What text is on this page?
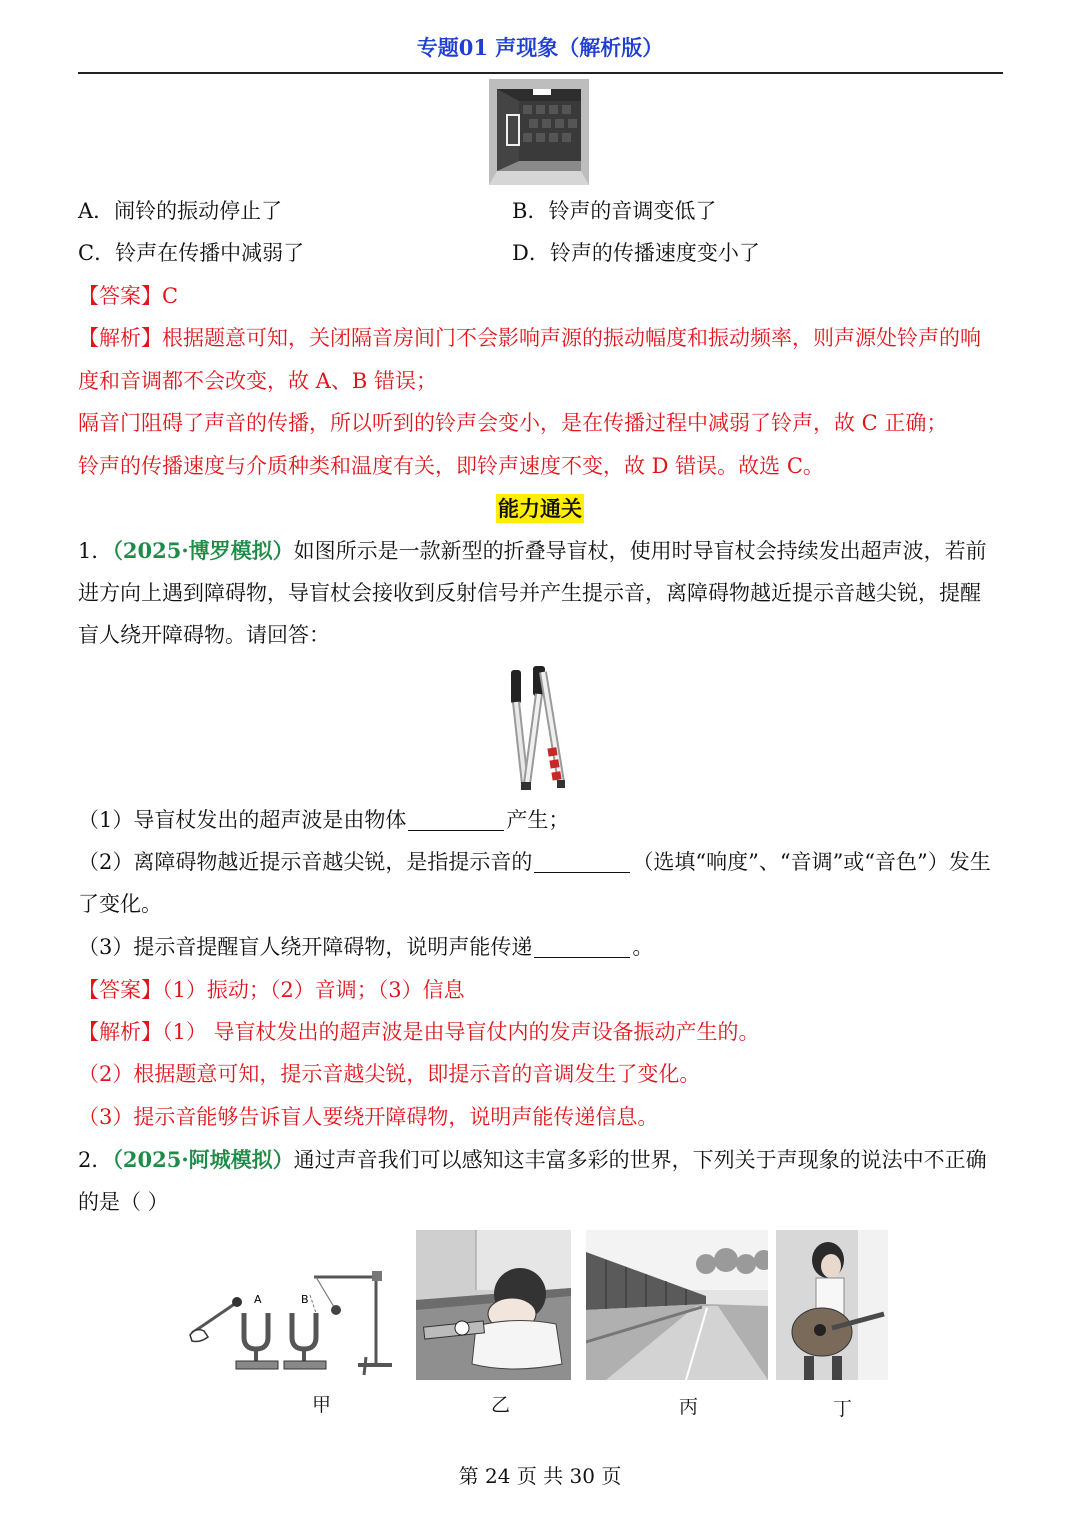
专题01 声现象（解析版）
A．闹铃的振动停止了	B．铃声的音调变低了
C．铃声在传播中减弱了	D．铃声的传播速度变小了
【答案】C
【解析】根据题意可知，关闭隔音房间门不会影响声源的振动幅度和振动频率，则声源处铃声的响
度和音调都不会改变，故 A、B 错误；
隔音门阻碍了声音的传播，所以听到的铃声会变小，是在传播过程中减弱了铃声，故 C 正确；
铃声的传播速度与介质种类和温度有关，即铃声速度不变，故 D 错误。故选 C。
能力通关
1．（2025·博罗模拟）如图所示是一款新型的折叠导盲杖，使用时导盲杖会持续发出超声波，若前
进方向上遇到障碍物，导盲杖会接收到反射信号并产生提示音，离障碍物越近提示音越尖锐，提醒
盲人绕开障碍物。请回答：
（1）导盲杖发出的超声波是由物体	产生；
（2）离障碍物越近提示音越尖锐，是指提示音的	（选填“响度”、“音调”或“音色”）发生
了变化。
（3）提示音提醒盲人绕开障碍物，说明声能传递	。
【答案】（1）振动；（2）音调；（3）信息
【解析】（1） 导盲杖发出的超声波是由导盲仗内的发声设备振动产生的。
（2）根据题意可知，提示音越尖锐，即提示音的音调发生了变化。
（3）提示音能够告诉盲人要绕开障碍物，说明声能传递信息。
2．（2025·阿城模拟）通过声音我们可以感知这丰富多彩的世界，下列关于声现象的说法中不正确
的是（ ）
A	B
甲	乙	丙	丁
第 24 页 共 30 页
